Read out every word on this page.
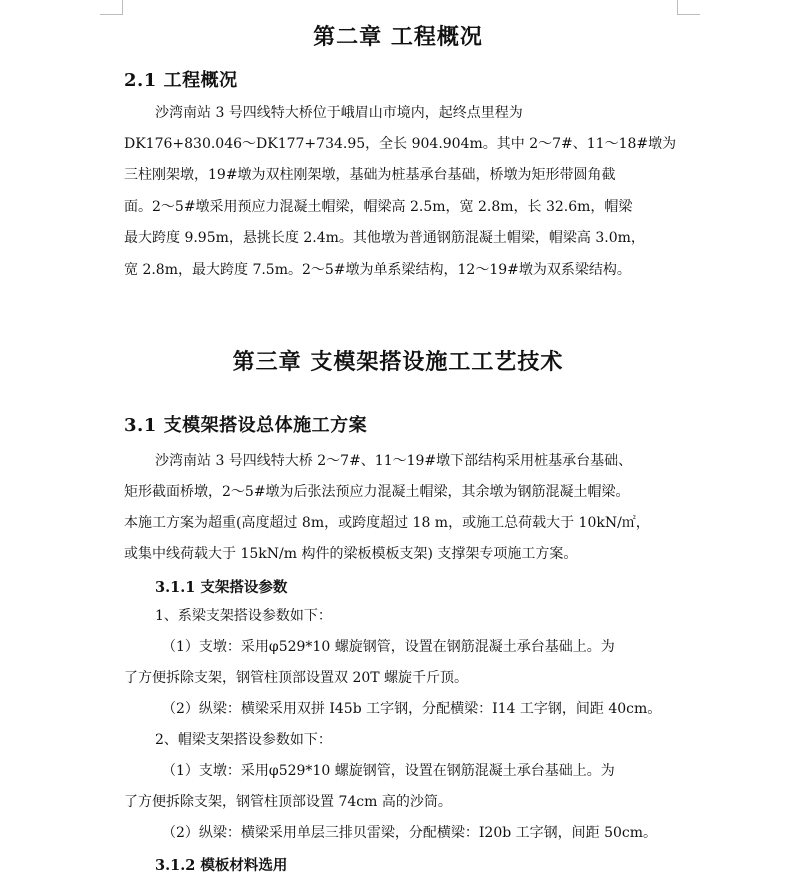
第二章 工程概况
2.1 工程概况
沙湾南站 3 号四线特大桥位于峨眉山市境内，起终点里程为
DK176+830.046～DK177+734.95，全长 904.904m。其中 2～7#、11～18#墩为
三柱刚架墩，19#墩为双柱刚架墩，基础为桩基承台基础，桥墩为矩形带圆角截
面。2～5#墩采用预应力混凝土帽梁，帽梁高 2.5m，宽 2.8m，长 32.6m，帽梁
最大跨度 9.95m，悬挑长度 2.4m。其他墩为普通钢筋混凝土帽梁，帽梁高 3.0m，
宽 2.8m，最大跨度 7.5m。2～5#墩为单系梁结构，12～19#墩为双系梁结构。
第三章 支模架搭设施工工艺技术
3.1 支模架搭设总体施工方案
沙湾南站 3 号四线特大桥 2～7#、11～19#墩下部结构采用桩基承台基础、
矩形截面桥墩，2～5#墩为后张法预应力混凝土帽梁，其余墩为钢筋混凝土帽梁。
本施工方案为超重(高度超过 8m，或跨度超过 18 m，或施工总荷载大于 10kN/㎡，
或集中线荷载大于 15kN/m 构件的梁板模板支架) 支撑架专项施工方案。
3.1.1 支架搭设参数
1、系梁支架搭设参数如下：
（1）支墩：采用φ529*10 螺旋钢管，设置在钢筋混凝土承台基础上。为
了方便拆除支架，钢管柱顶部设置双 20T 螺旋千斤顶。
（2）纵梁：横梁采用双拼 I45b 工字钢，分配横梁：I14 工字钢，间距 40cm。
2、帽梁支架搭设参数如下：
（1）支墩：采用φ529*10 螺旋钢管，设置在钢筋混凝土承台基础上。为
了方便拆除支架，钢管柱顶部设置 74cm 高的沙筒。
（2）纵梁：横梁采用单层三排贝雷梁，分配横梁：I20b 工字钢，间距 50cm。
3.1.2 模板材料选用
